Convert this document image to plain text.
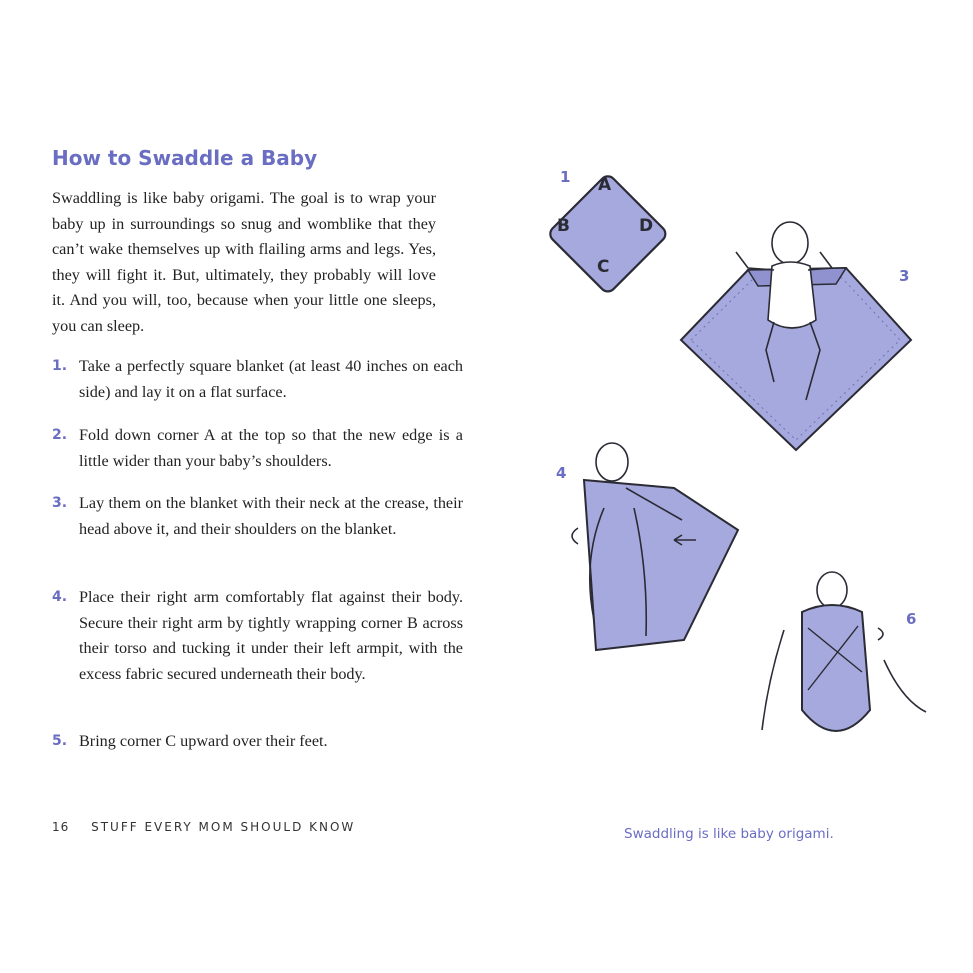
How to Swaddle a Baby

Swaddling is like baby origami. The goal is to wrap your baby up in surroundings so snug and womblike that they can’t wake themselves up with flailing arms and legs. Yes, they will fight it. But, ultimately, they probably will love it. And you will, too, because when your little one sleeps, you can sleep.

1. Take a perfectly square blanket (at least 40 inches on each side) and lay it on a flat surface.
2. Fold down corner A at the top so that the new edge is a little wider than your baby’s shoulders.
3. Lay them on the blanket with their neck at the crease, their head above it, and their shoulders on the blanket.
4. Place their right arm comfortably flat against their body. Secure their right arm by tightly wrapping corner B across their torso and tucking it under their left armpit, with the excess fabric secured underneath their body.
5. Bring corner C upward over their feet.
16 STUFF EVERY MOM SHOULD KNOW
1 A
B	D
C	3
4
6
Swaddling is like baby origami.
